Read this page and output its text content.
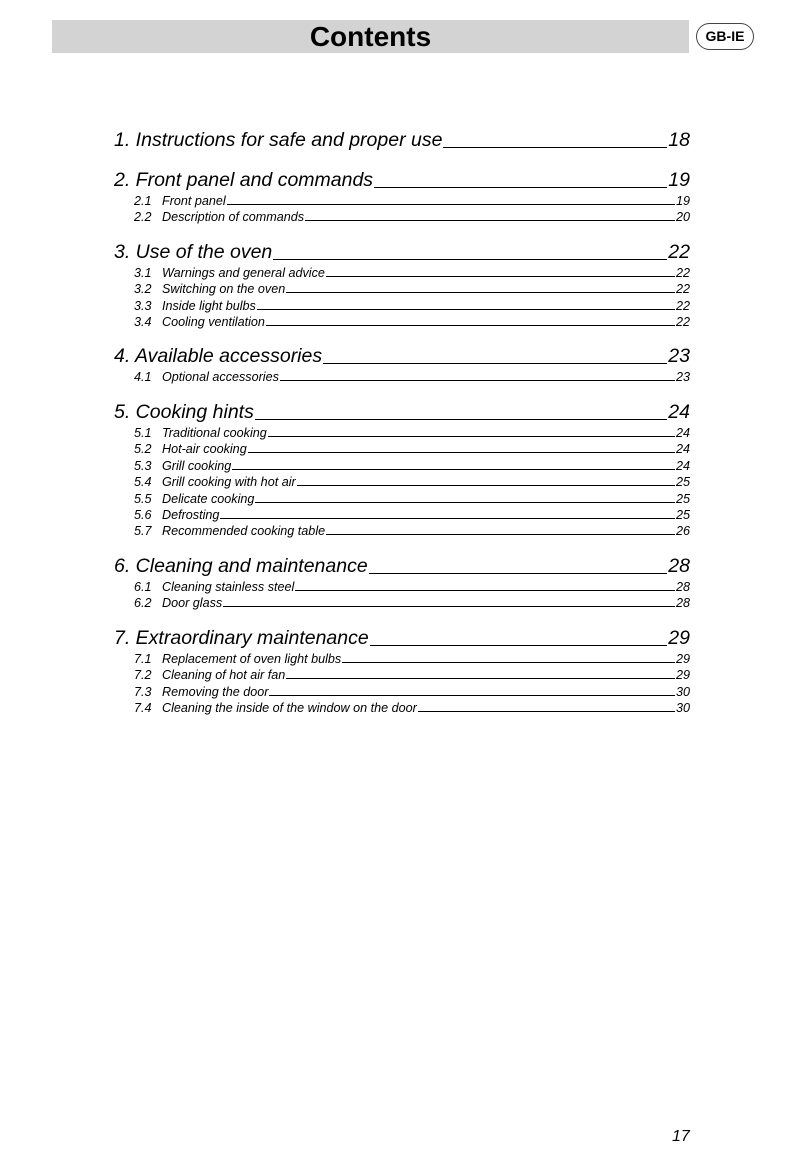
Contents	GB-IE
1. Instructions for safe and proper use	18
2. Front panel and commands	19
2.1 Front panel	19
2.2 Description of commands	20
3. Use of the oven	22
3.1 Warnings and general advice	22
3.2 Switching on the oven	22
3.3 Inside light bulbs	22
3.4 Cooling ventilation	22
4. Available accessories	23
4.1 Optional accessories	23
5. Cooking hints	24
5.1 Traditional cooking	24
5.2 Hot-air cooking	24
5.3 Grill cooking	24
5.4 Grill cooking with hot air	25
5.5 Delicate cooking	25
5.6 Defrosting	25
5.7 Recommended cooking table	26
6. Cleaning and maintenance	28
6.1 Cleaning stainless steel	28
6.2 Door glass	28
7. Extraordinary maintenance	29
7.1 Replacement of oven light bulbs	29
7.2 Cleaning of hot air fan	29
7.3 Removing the door	30
7.4 Cleaning the inside of the window on the door	30
17
